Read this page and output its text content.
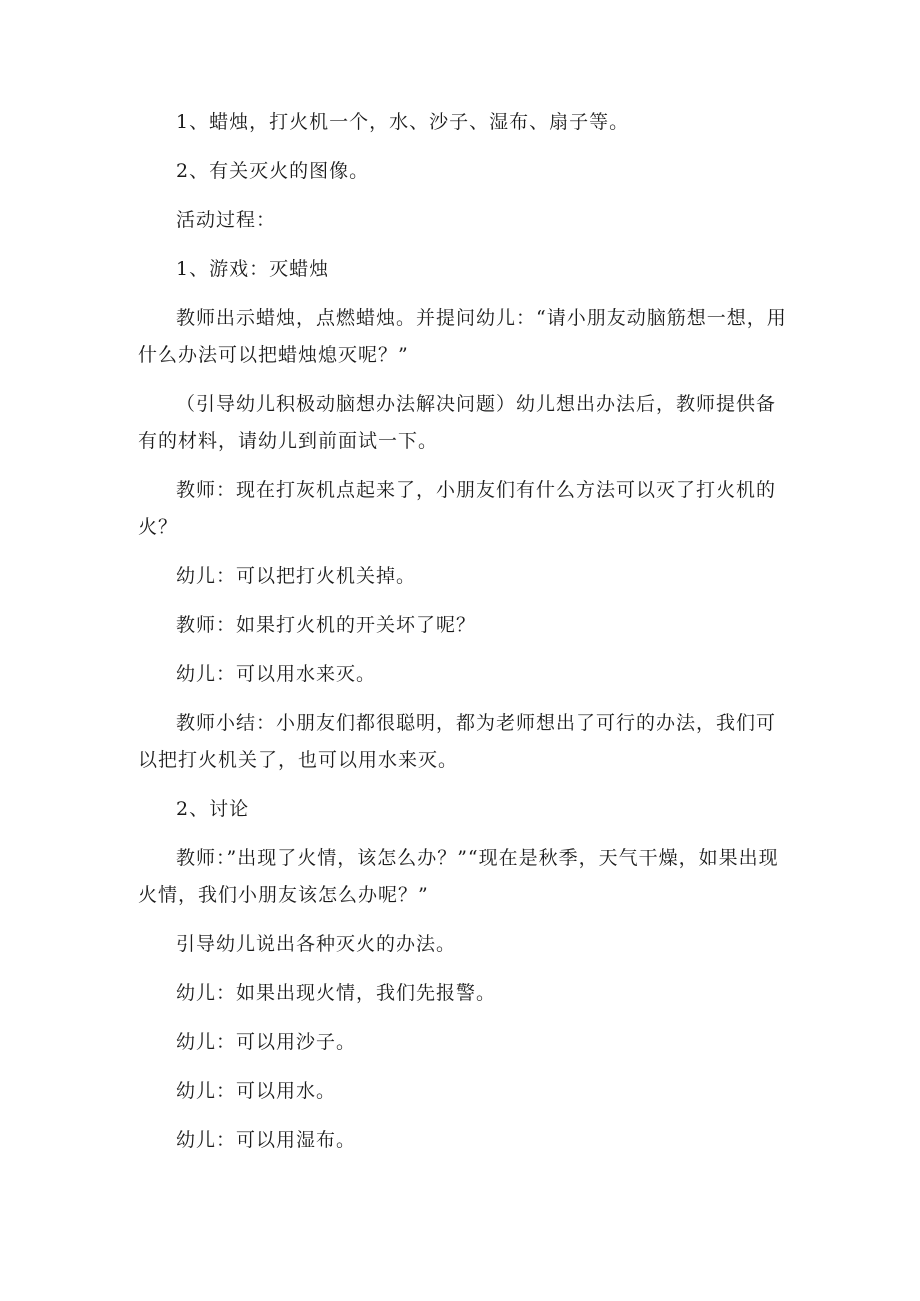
1、蜡烛，打火机一个，水、沙子、湿布、扇子等。

2、有关灭火的图像。

活动过程：

1、游戏：灭蜡烛

教师出示蜡烛，点燃蜡烛。并提问幼儿：“请小朋友动脑筋想一想，用什么办法可以把蜡烛熄灭呢？”

（引导幼儿积极动脑想办法解决问题）幼儿想出办法后，教师提供备有的材料，请幼儿到前面试一下。

教师：现在打灰机点起来了，小朋友们有什么方法可以灭了打火机的火？

幼儿：可以把打火机关掉。

教师：如果打火机的开关坏了呢？

幼儿：可以用水来灭。

教师小结：小朋友们都很聪明，都为老师想出了可行的办法，我们可以把打火机关了，也可以用水来灭。

2、讨论

教师：”出现了火情，该怎么办？”“现在是秋季，天气干燥，如果出现火情，我们小朋友该怎么办呢？”

引导幼儿说出各种灭火的办法。

幼儿：如果出现火情，我们先报警。

幼儿：可以用沙子。

幼儿：可以用水。

幼儿：可以用湿布。
